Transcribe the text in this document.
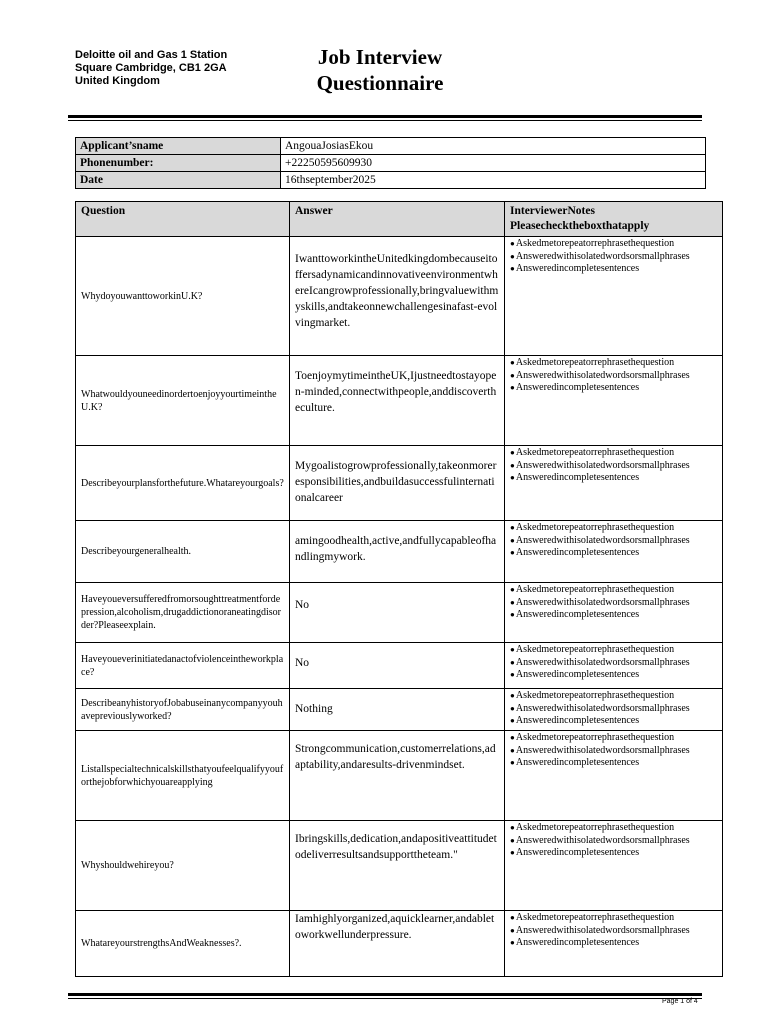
Deloitte oil and Gas 1 Station
Square Cambridge, CB1 2GA
United Kingdom
Job Interview
Questionnaire
Applicant’sname	AngouaJosiasEkou
Phonenumber:	+22250595609930
Date	16thseptember2025
Question	Answer	InterviewerNotes
Pleasechecktheboxthatapply

WhydoyouwanttoworkinU.K?	IwanttoworkintheUnitedkingdombecauseitoffersadynamicandinnovativeenvironmentwhereIcangrowprofessionally,bringvaluewithmyskills,andtakeonnewchallengesinafast-evolvingmarket.	●Askedmetorepeatorrephrasethequestion
●Answeredwithisolatedwordsorsmallphrases
●Answeredincompletesentences

WhatwouldyouneedinordertoenjoyyourtimeintheU.K?	ToenjoymytimeintheUK,Ijustneedtostayopen-minded,connectwithpeople,anddiscovertheculture.	●Askedmetorepeatorrephrasethequestion
●Answeredwithisolatedwordsorsmallphrases
●Answeredincompletesentences

Describeyourplansforthefuture.Whatareyourgoals?	Mygoalistogrowprofessionally,takeonmoreresponsibilities,andbuildasuccessfulinternationalcareer	●Askedmetorepeatorrephrasethequestion
●Answeredwithisolatedwordsorsmallphrases
●Answeredincompletesentences

Describeyourgeneralhealth.	amingoodhealth,active,andfullycapableofhandlingmywork.	●Askedmetorepeatorrephrasethequestion
●Answeredwithisolatedwordsorsmallphrases
●Answeredincompletesentences

Haveyoueversufferedfromorsoughttreatmentfordepression,alcoholism,drugaddictionoraneatingdisorder?Pleaseexplain.	No	●Askedmetorepeatorrephrasethequestion
●Answeredwithisolatedwordsorsmallphrases
●Answeredincompletesentences

Haveyoueverinitiatedanactofviolenceintheworkplace?	No	●Askedmetorepeatorrephrasethequestion
●Answeredwithisolatedwordsorsmallphrases
●Answeredincompletesentences

DescribeanyhistoryofJobabuseinanycompanyyouhavepreviouslyworked?	Nothing	●Askedmetorepeatorrephrasethequestion
●Answeredwithisolatedwordsorsmallphrases
●Answeredincompletesentences

Listallspecialtechnicalskillsthatyoufeelqualifyyouforthejobforwhichyouareapplying	Strongcommunication,customerrelations,adaptability,andaresults-drivenmindset.	●Askedmetorepeatorrephrasethequestion
●Answeredwithisolatedwordsorsmallphrases
●Answeredincompletesentences

Whyshouldwehireyou?	Ibringskills,dedication,andapositiveattitudetodeliverresultsandsupporttheteam."	●Askedmetorepeatorrephrasethequestion
●Answeredwithisolatedwordsorsmallphrases
●Answeredincompletesentences

WhatareyourstrengthsAndWeaknesses?.	Iamhighlyorganized,aquicklearner,andabletoworkwellunderpressure.	●Askedmetorepeatorrephrasethequestion
●Answeredwithisolatedwordsorsmallphrases
●Answeredincompletesentences
Page 1 of 4
